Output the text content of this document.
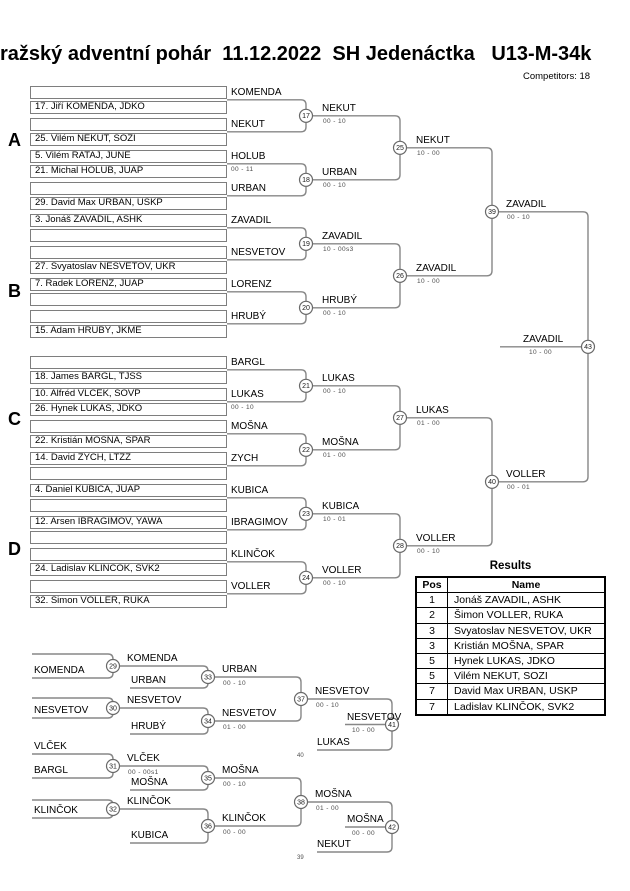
ražský adventní pohár  11.12.2022  SH Jedenáctka   U13-M-34k
Competitors: 18
17
18
19
20
21
22
23
24
25
26
27
28
39
40
43
29
33
30
34
31
35
32
36
37
41
38
42
17. Jiří KOMENDA, JDKO
KOMENDA
25. Vilém NEKUT, SOZI
NEKUT
5. Vilém RATAJ, JUNE
21. Michal HOLUB, JUAP
HOLUB
00 - 11
29. David Max URBAN, USKP
URBAN
3. Jonáš ZAVADIL, ASHK	ZAVADIL
27. Svyatoslav NESVETOV, UKR
NESVETOV
7. Radek LORENZ, JUAP	LORENZ
15. Adam HRUBÝ, JKME
HRUBÝ
18. James BARGL, TJSS
BARGL
10. Alfréd VLČEK, SOVP
26. Hynek LUKAS, JDKO
LUKAS
00 - 10
22. Kristián MOŠNA, SPAR
MOŠNA
14. David ZYCH, LTZZ	ZYCH
4. Daniel KUBICA, JUAP	KUBICA
12. Arsen IBRAGIMOV, YAWA	IBRAGIMOV
24. Ladislav KLINČOK, SVK2
KLINČOK
32. Šimon VOLLER, RUKA
VOLLER
NEKUT
00 - 10
URBAN
00 - 10
ZAVADIL
10 - 00s3
HRUBÝ
00 - 10
LUKAS
00 - 10
MOŠNA
01 - 00
KUBICA
10 - 01
VOLLER
00 - 10
NEKUT
10 - 00
ZAVADIL
10 - 00
LUKAS
01 - 00
VOLLER
00 - 10
ZAVADIL
00 - 10
VOLLER
00 - 01
ZAVADIL
10 - 00
A
B
C
D
KOMENDA
KOMENDA
URBAN
URBAN
00 - 10
NESVETOV
NESVETOV
HRUBÝ
NESVETOV
01 - 00
VLČEK
BARGL
VLČEK
00 - 00s1
MOŠNA
MOŠNA
00 - 10
KLINČOK
KLINČOK
KUBICA
KLINČOK
00 - 00
NESVETOV
00 - 10
LUKAS
40
NESVETOV
10 - 00
MOŠNA
01 - 00
NEKUT
39
MOŠNA
00 - 00
Results
Pos	Name
1	Jonáš ZAVADIL, ASHK
2	Šimon VOLLER, RUKA
3	Svyatoslav NESVETOV, UKR
3	Kristián MOŠNA, SPAR
5	Hynek LUKAS, JDKO
5	Vilém NEKUT, SOZI
7	David Max URBAN, USKP
7	Ladislav KLINČOK, SVK2
